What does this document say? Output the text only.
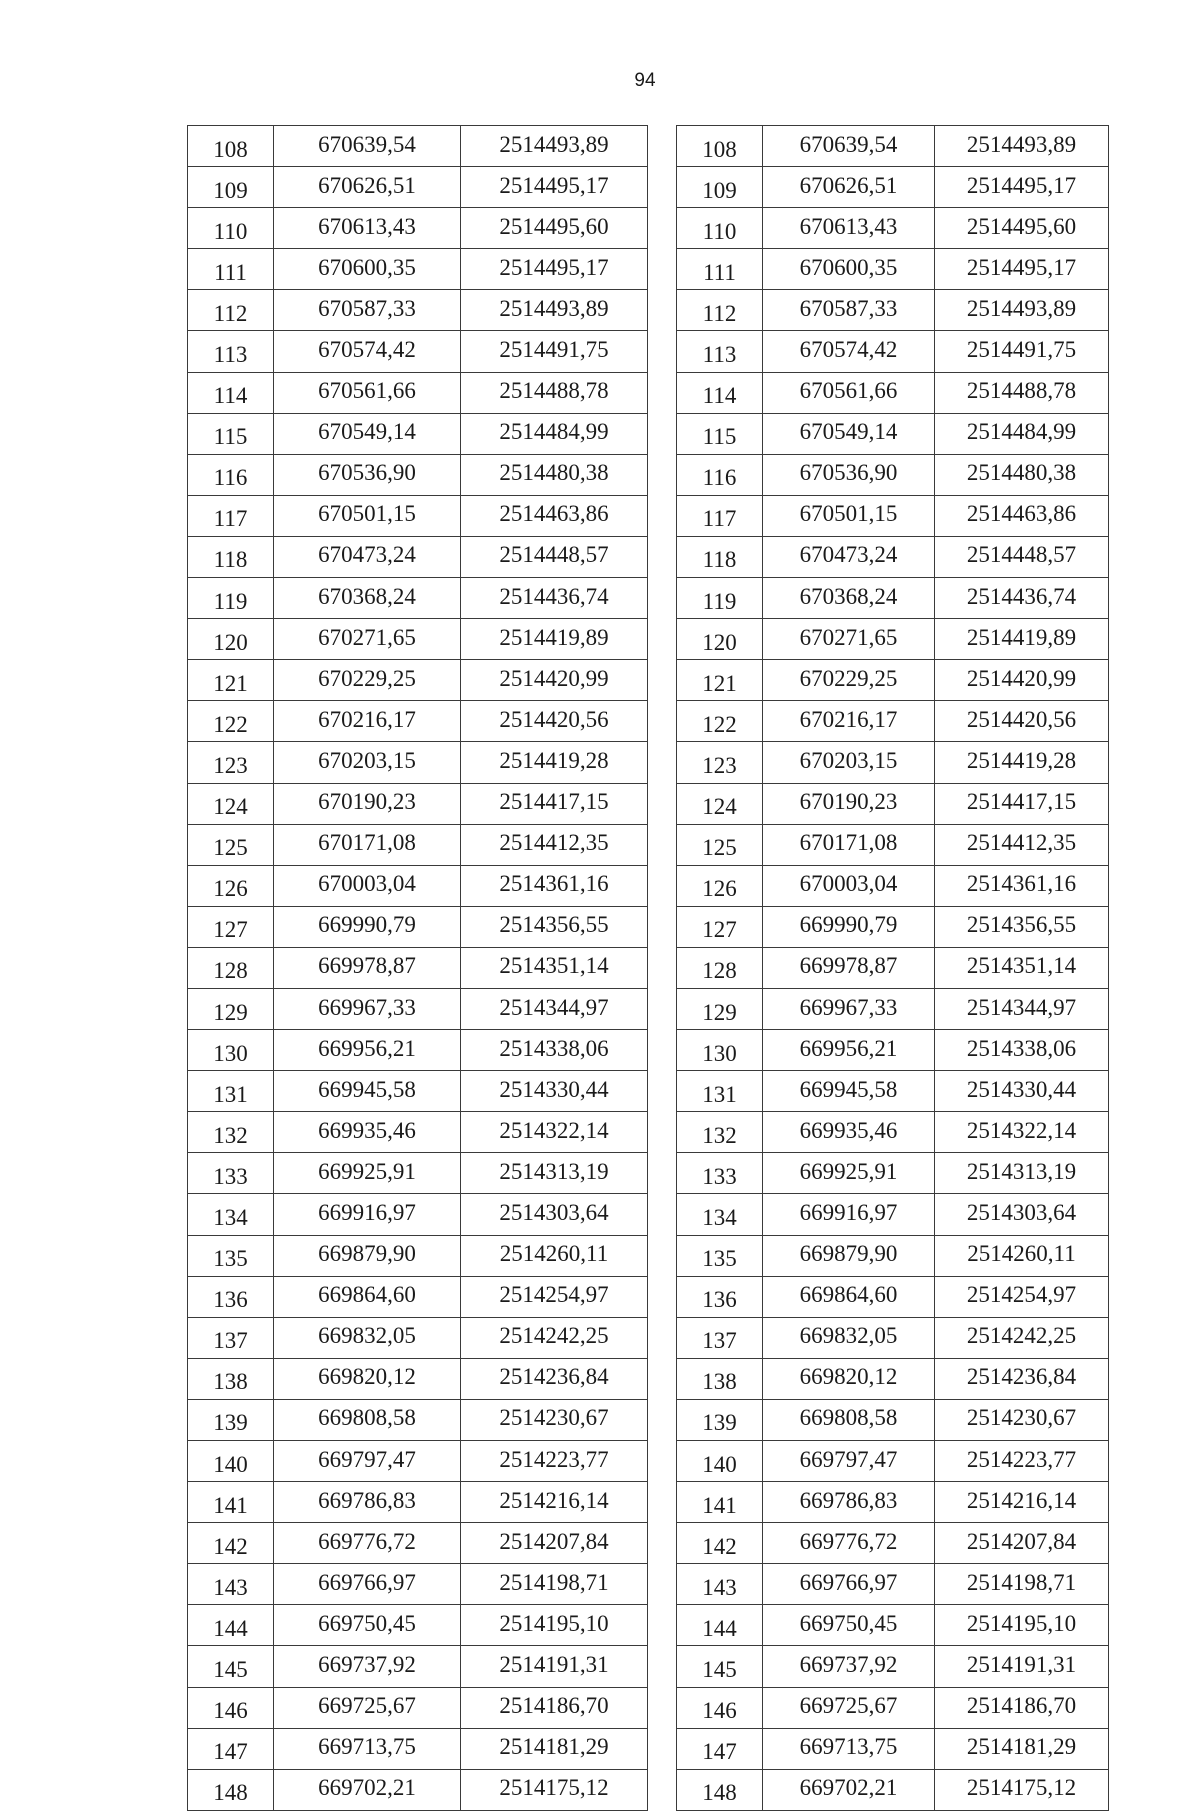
94
108	670639,54	2514493,89
109	670626,51	2514495,17
110	670613,43	2514495,60
111	670600,35	2514495,17
112	670587,33	2514493,89
113	670574,42	2514491,75
114	670561,66	2514488,78
115	670549,14	2514484,99
116	670536,90	2514480,38
117	670501,15	2514463,86
118	670473,24	2514448,57
119	670368,24	2514436,74
120	670271,65	2514419,89
121	670229,25	2514420,99
122	670216,17	2514420,56
123	670203,15	2514419,28
124	670190,23	2514417,15
125	670171,08	2514412,35
126	670003,04	2514361,16
127	669990,79	2514356,55
128	669978,87	2514351,14
129	669967,33	2514344,97
130	669956,21	2514338,06
131	669945,58	2514330,44
132	669935,46	2514322,14
133	669925,91	2514313,19
134	669916,97	2514303,64
135	669879,90	2514260,11
136	669864,60	2514254,97
137	669832,05	2514242,25
138	669820,12	2514236,84
139	669808,58	2514230,67
140	669797,47	2514223,77
141	669786,83	2514216,14
142	669776,72	2514207,84
143	669766,97	2514198,71
144	669750,45	2514195,10
145	669737,92	2514191,31
146	669725,67	2514186,70
147	669713,75	2514181,29
148	669702,21	2514175,12
108	670639,54	2514493,89
109	670626,51	2514495,17
110	670613,43	2514495,60
111	670600,35	2514495,17
112	670587,33	2514493,89
113	670574,42	2514491,75
114	670561,66	2514488,78
115	670549,14	2514484,99
116	670536,90	2514480,38
117	670501,15	2514463,86
118	670473,24	2514448,57
119	670368,24	2514436,74
120	670271,65	2514419,89
121	670229,25	2514420,99
122	670216,17	2514420,56
123	670203,15	2514419,28
124	670190,23	2514417,15
125	670171,08	2514412,35
126	670003,04	2514361,16
127	669990,79	2514356,55
128	669978,87	2514351,14
129	669967,33	2514344,97
130	669956,21	2514338,06
131	669945,58	2514330,44
132	669935,46	2514322,14
133	669925,91	2514313,19
134	669916,97	2514303,64
135	669879,90	2514260,11
136	669864,60	2514254,97
137	669832,05	2514242,25
138	669820,12	2514236,84
139	669808,58	2514230,67
140	669797,47	2514223,77
141	669786,83	2514216,14
142	669776,72	2514207,84
143	669766,97	2514198,71
144	669750,45	2514195,10
145	669737,92	2514191,31
146	669725,67	2514186,70
147	669713,75	2514181,29
148	669702,21	2514175,12
